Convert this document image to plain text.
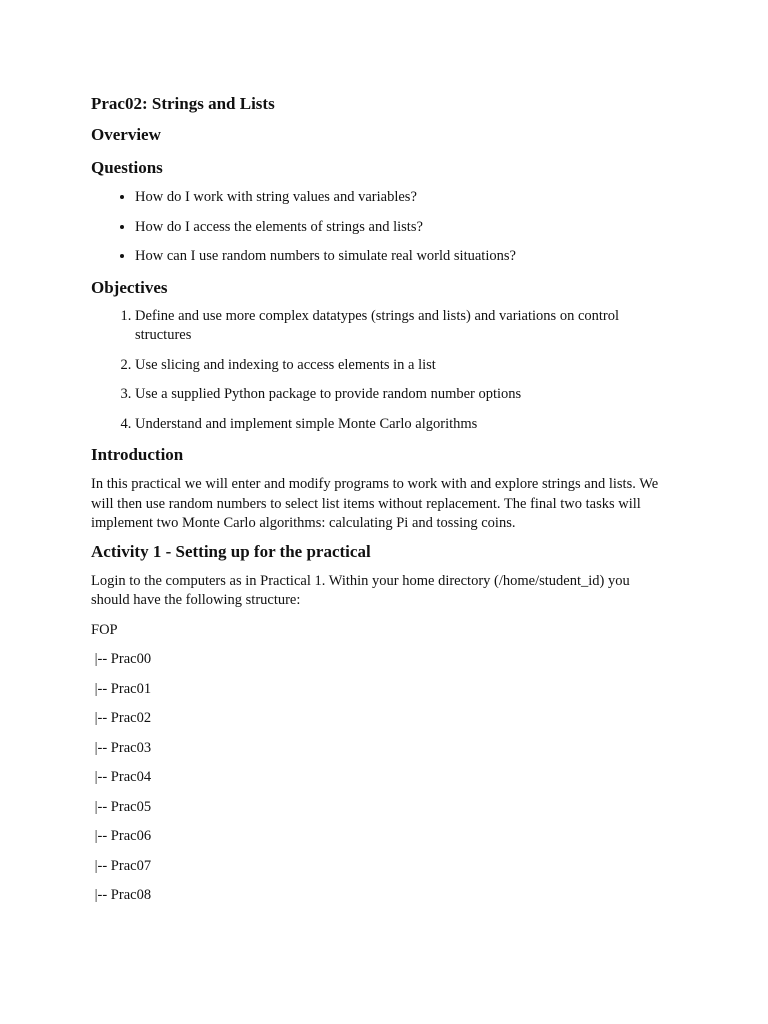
Prac02: Strings and Lists
Overview
Questions
• How do I work with string values and variables?
• How do I access the elements of strings and lists?
• How can I use random numbers to simulate real world situations?
Objectives
1. Define and use more complex datatypes (strings and lists) and variations on control structures
2. Use slicing and indexing to access elements in a list
3. Use a supplied Python package to provide random number options
4. Understand and implement simple Monte Carlo algorithms
Introduction

In this practical we will enter and modify programs to work with and explore strings and lists. We will then use random numbers to select list items without replacement. The final two tasks will implement two Monte Carlo algorithms: calculating Pi and tossing coins.

Activity 1 - Setting up for the practical

Login to the computers as in Practical 1. Within your home directory (/home/student_id) you should have the following structure:

FOP

|-- Prac00

|-- Prac01

|-- Prac02

|-- Prac03

|-- Prac04

|-- Prac05

|-- Prac06

|-- Prac07

|-- Prac08
